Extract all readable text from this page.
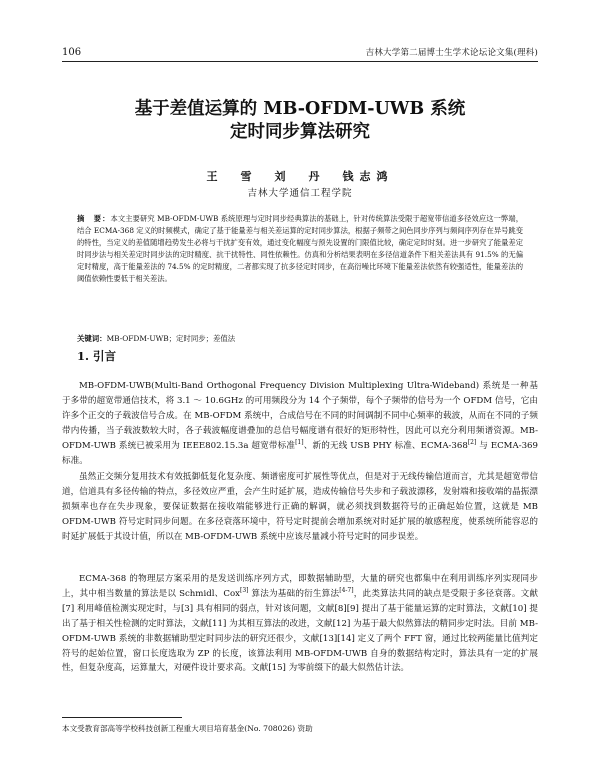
106	吉林大学第二届博士生学术论坛论文集(理科)
基于差值运算的 MB-OFDM-UWB 系统
定时同步算法研究
王　雪　刘　丹　钱志鸿
吉林大学通信工程学院
摘　要：本文主要研究 MB-OFDM-UWB 系统原理与定时同步经典算法的基础上，针对传统算法受限于超宽带信道多径效应这一弊端，结合 ECMA-368 定义的时频模式，确定了基于能量差与相关差运算的定时同步算法，根据子频带之间色同步序列与频间序列存在异号跳变的特性，当定义的差值随增趋势发生必将与干扰扩变有效，通过变化幅度与预先设置的门限值比较，确定定时时刻。进一步研究了能量差定时同步法与相关差定时同步法的定时精度、抗干扰特性、同性依赖性。仿真和分析结果表明在多径信道条件下相关差法具有 91.5% 的无偏定时精度，高于能量差法的 74.5% 的定时精度，二者都实现了抗多径定时同步，在高衍噪比环境下能量差法依然有较强适性，能量差法的阈值依赖性要低于相关差法。
关键词：MB-OFDM-UWB；定时同步；差值法
1. 引言
MB-OFDM-UWB(Multi-Band Orthogonal Frequency Division Multiplexing Ultra-Wideband) 系统是一种基于多带的超宽带通信技术，将 3.1 ～ 10.6GHz 的可用频段分为 14 个子频带，每个子频带的信号为一个 OFDM 信号，它由许多个正交的子载波信号合成。在 MB-OFDM 系统中，合成信号在不同的时间调制不同中心频率的载波，从而在不同的子频带内传播，当子载波数较大时，各子载波幅度谱叠加的总信号幅度谱有很好的矩形特性，因此可以充分利用频谱资源。MB-OFDM-UWB 系统已被采用为 IEEE802.15.3a 超宽带标准[1]、新的无线 USB PHY 标准、ECMA-368[2] 与 ECMA-369 标准。
虽然正交频分复用技术有效抵御低复化复杂度、频谱密度可扩展性等优点，但是对于无线传输信道而言，尤其是超宽带信道，信道具有多径传输的特点，多径效应严重，会产生时延扩展，造成传输信号失步和子载波漂移，发射端和接收端的晶振漂损频率也存在失步现象，要保证数据在接收端能够进行正确的解调，就必须找到数据符号的正确起始位置，这就是 MB OFDM-UWB 符号定时同步问题。在多径衰落环境中，符号定时提前会增加系统对时延扩展的敏感程度，使系统所能容忍的时延扩展低于其设计值，所以在 MB-OFDM-UWB 系统中应该尽量减小符号定时的同步误差。
ECMA-368 的物理层方案采用的是发送训练序列方式，即数据辅助型，大量的研究也都集中在利用训练序列实现同步上，其中相当数量的算法是以 Schmidl、Cox[3] 算法为基础的衍生算法[4-7]，此类算法共同的缺点是受限于多径衰落。文献[7] 利用峰值检测实现定时，与[3] 具有相同的弱点，针对该问题，文献[8][9] 提出了基于能量运算的定时算法，文献[10] 提出了基于相关性检测的定时算法，文献[11] 为其相互算法的改进，文献[12] 为基于最大似然算法的精同步定时法。目前 MB-OFDM-UWB 系统的非数据辅助型定时同步法的研究还很少，文献[13][14] 定义了两个 FFT 窗，通过比较两能量比值判定符号的起始位置，窗口长度选取为 ZP 的长度，该算法利用 MB-OFDM-UWB 自身的数据结构定时，算法具有一定的扩展性，但复杂度高，运算量大，对硬件设计要求高。文献[15] 为零前缀下的最大似然估计法。
本文受教育部高等学校科技创新工程重大项目培育基金(No. 708026) 资助
